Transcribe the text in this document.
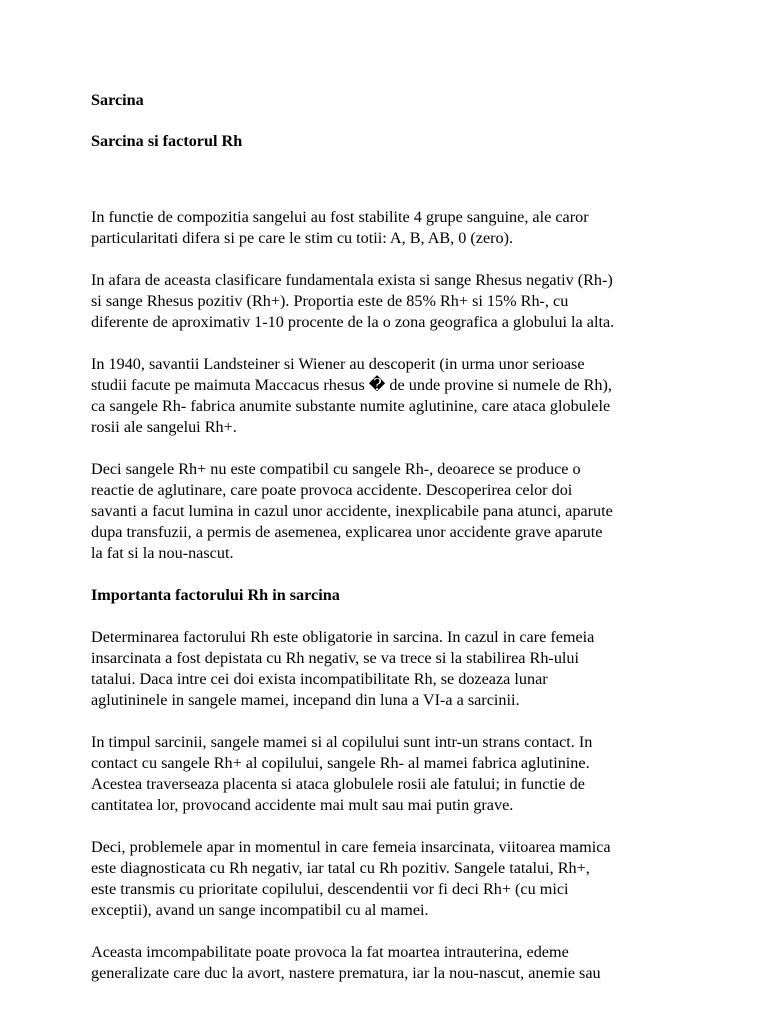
Sarcina
Sarcina si factorul Rh
In functie de compozitia sangelui au fost stabilite 4 grupe sanguine, ale caror
particularitati difera si pe care le stim cu totii: A, B, AB, 0 (zero).
In afara de aceasta clasificare fundamentala exista si sange Rhesus negativ (Rh-)
si sange Rhesus pozitiv (Rh+). Proportia este de 85% Rh+ si 15% Rh-, cu
diferente de aproximativ 1-10 procente de la o zona geografica a globului la alta.
In 1940, savantii Landsteiner si Wiener au descoperit (in urma unor serioase
studii facute pe maimuta Maccacus rhesus � de unde provine si numele de Rh),
ca sangele Rh- fabrica anumite substante numite aglutinine, care ataca globulele
rosii ale sangelui Rh+.
Deci sangele Rh+ nu este compatibil cu sangele Rh-, deoarece se produce o
reactie de aglutinare, care poate provoca accidente. Descoperirea celor doi
savanti a facut lumina in cazul unor accidente, inexplicabile pana atunci, aparute
dupa transfuzii, a permis de asemenea, explicarea unor accidente grave aparute
la fat si la nou-nascut.
Importanta factorului Rh in sarcina
Determinarea factorului Rh este obligatorie in sarcina. In cazul in care femeia
insarcinata a fost depistata cu Rh negativ, se va trece si la stabilirea Rh-ului
tatalui. Daca intre cei doi exista incompatibilitate Rh, se dozeaza lunar
aglutininele in sangele mamei, incepand din luna a VI-a a sarcinii.
In timpul sarcinii, sangele mamei si al copilului sunt intr-un strans contact. In
contact cu sangele Rh+ al copilului, sangele Rh- al mamei fabrica aglutinine.
Acestea traverseaza placenta si ataca globulele rosii ale fatului; in functie de
cantitatea lor, provocand accidente mai mult sau mai putin grave.
Deci, problemele apar in momentul in care femeia insarcinata, viitoarea mamica
este diagnosticata cu Rh negativ, iar tatal cu Rh pozitiv. Sangele tatalui, Rh+,
este transmis cu prioritate copilului, descendentii vor fi deci Rh+ (cu mici
exceptii), avand un sange incompatibil cu al mamei.
Aceasta imcompabilitate poate provoca la fat moartea intrauterina, edeme
generalizate care duc la avort, nastere prematura, iar la nou-nascut, anemie sau
